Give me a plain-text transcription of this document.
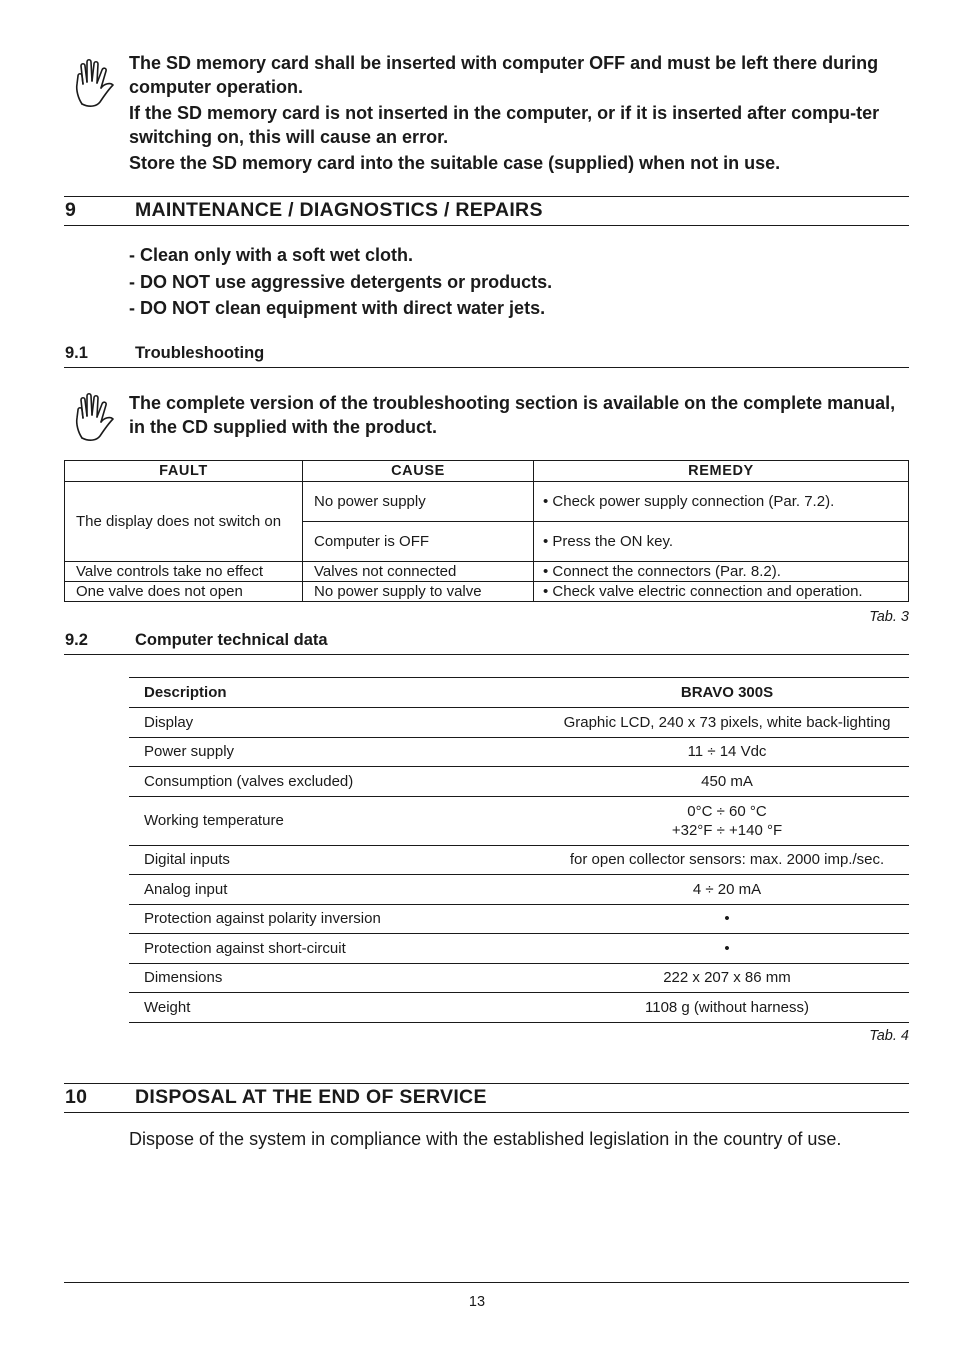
The SD memory card shall be inserted with computer OFF and must be left there during computer operation.

If the SD memory card is not inserted in the computer, or if it is inserted after compu-ter switching on, this will cause an error.

Store the SD memory card into the suitable case (supplied) when not in use.

9	MAINTENANCE / DIAGNOSTICS / REPAIRS
- Clean only with a soft wet cloth.
- DO NOT use aggressive detergents or products.
- DO NOT clean equipment with direct water jets.
9.1	Troubleshooting

The complete version of the troubleshooting section is available on the complete manual, in the CD supplied with the product.

FAULT	CAUSE	REMEDY
The display does not switch on	No power supply	• Check power supply connection (Par. 7.2).
	Computer is OFF	• Press the ON key.
Valve controls take no effect	Valves not connected	• Connect the connectors (Par. 8.2).
One valve does not open	No power supply to valve	• Check valve electric connection and operation.
Tab. 3
9.2	Computer technical data
Description	BRAVO 300S
Display	Graphic LCD, 240 x 73 pixels, white back-lighting
Power supply	11 ÷ 14 Vdc
Consumption (valves excluded)	450 mA
Working temperature	0°C ÷ 60 °C
+32°F ÷ +140 °F

Digital inputs	for open collector sensors: max. 2000 imp./sec.
Analog input	4 ÷ 20 mA
Protection against polarity inversion	•
Protection against short-circuit	•
Dimensions	222 x 207 x 86 mm
Weight	1108 g (without harness)
Tab. 4
10 DISPOSAL AT THE END OF SERVICE
Dispose of the system in compliance with the established legislation in the country of use.
13
